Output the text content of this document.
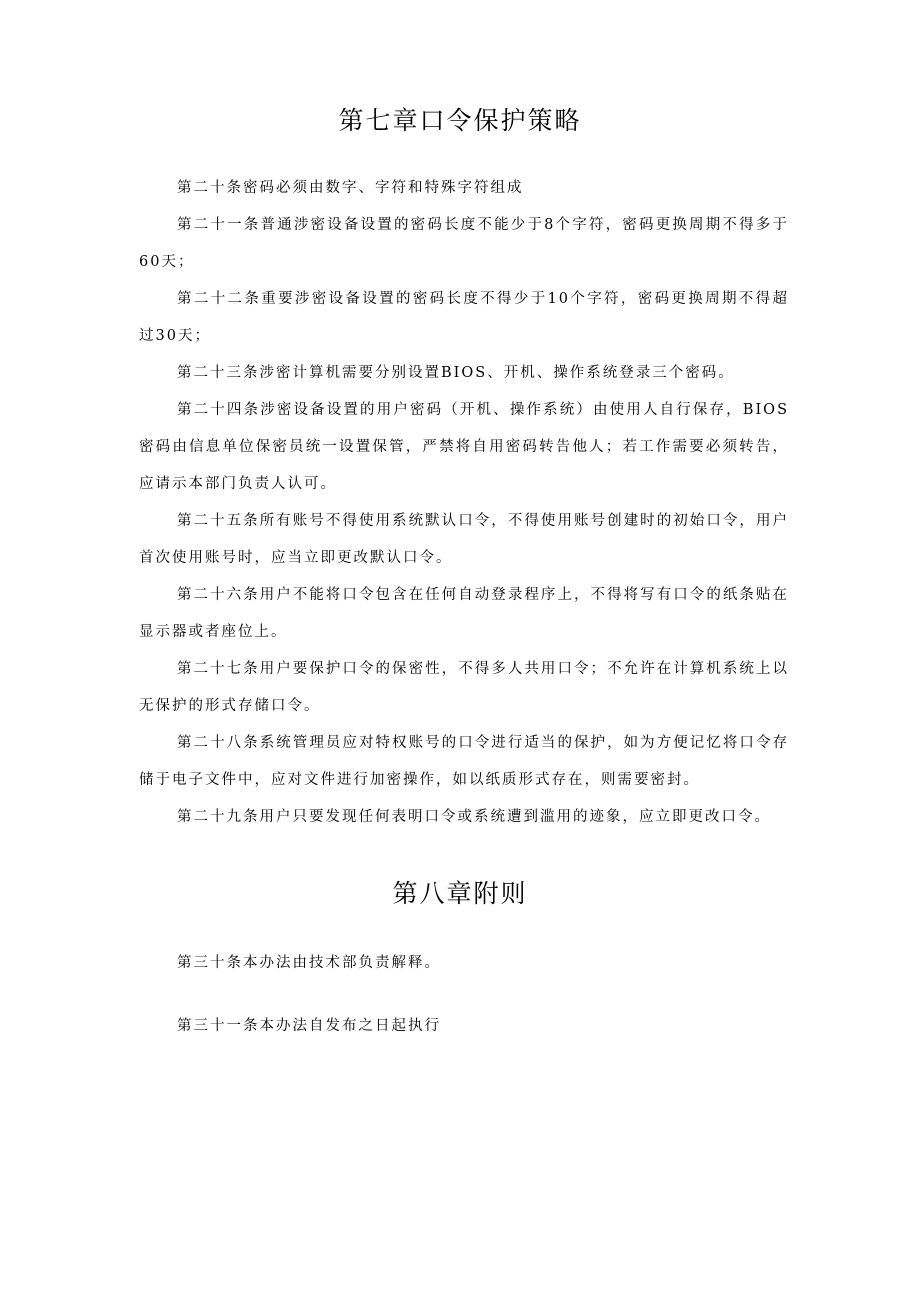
第七章口令保护策略

第二十条密码必须由数字、字符和特殊字符组成

第二十一条普通涉密设备设置的密码长度不能少于8个字符，密码更换周期不得多于60天；

第二十二条重要涉密设备设置的密码长度不得少于10个字符，密码更换周期不得超过30天；

第二十三条涉密计算机需要分别设置BIOS、开机、操作系统登录三个密码。

第二十四条涉密设备设置的用户密码（开机、操作系统）由使用人自行保存，BIOS密码由信息单位保密员统一设置保管，严禁将自用密码转告他人；若工作需要必须转告，应请示本部门负责人认可。

第二十五条所有账号不得使用系统默认口令，不得使用账号创建时的初始口令，用户首次使用账号时，应当立即更改默认口令。

第二十六条用户不能将口令包含在任何自动登录程序上，不得将写有口令的纸条贴在显示器或者座位上。

第二十七条用户要保护口令的保密性，不得多人共用口令；不允许在计算机系统上以无保护的形式存储口令。

第二十八条系统管理员应对特权账号的口令进行适当的保护，如为方便记忆将口令存储于电子文件中，应对文件进行加密操作，如以纸质形式存在，则需要密封。

第二十九条用户只要发现任何表明口令或系统遭到滥用的迹象，应立即更改口令。

第八章附则

第三十条本办法由技术部负责解释。

第三十一条本办法自发布之日起执行
